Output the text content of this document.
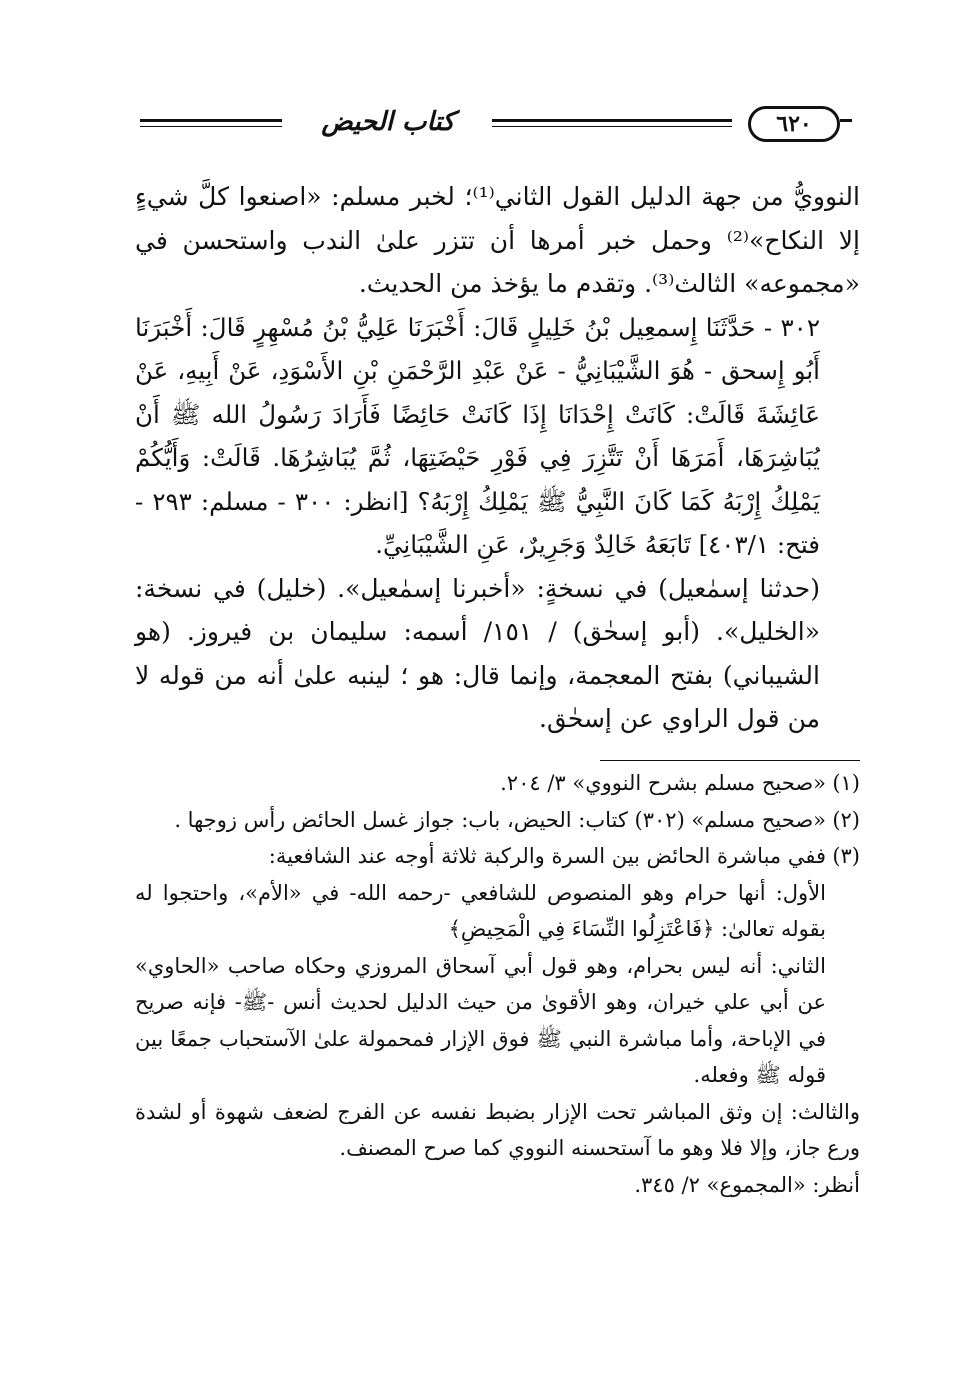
كتاب الحيض	٦٢٠

النوويُّ من جهة الدليل القول الثاني⁽¹⁾؛ لخبر مسلم: «اصنعوا كلَّ شيءٍ إلا النكاح»⁽²⁾ وحمل خبر أمرها أن تتزر علىٰ الندب واستحسن في «مجموعه» الثالث⁽³⁾. وتقدم ما يؤخذ من الحديث.

٣٠٢ - حَدَّثَنَا إِسمعِيل بْنُ خَلِيلٍ قَالَ: أَخْبَرَنَا عَلِيُّ بْنُ مُسْهِرٍ قَالَ: أَخْبَرَنَا أَبُو إِسحق - هُوَ الشَّيْبَانِيُّ - عَنْ عَبْدِ الرَّحْمَنِ بْنِ الأَسْوَدِ، عَنْ أَبِيهِ، عَنْ عَائِشَةَ قَالَتْ: كَانَتْ إِحْدَانَا إِذَا كَانَتْ حَائِضًا فَأَرَادَ رَسُولُ الله ﷺ أَنْ يُبَاشِرَهَا، أَمَرَهَا أَنْ تَتَّزِرَ فِي فَوْرِ حَيْضَتِهَا، ثُمَّ يُبَاشِرُهَا. قَالَتْ: وَأَيُّكُمْ يَمْلِكُ إِرْبَهُ كَمَا كَانَ النَّبِيُّ ﷺ يَمْلِكُ إِرْبَهُ؟ [انظر: ٣٠٠ - مسلم: ٢٩٣ - فتح: ٤٠٣/١] تَابَعَهُ خَالِدٌ وَجَرِيرٌ، عَنِ الشَّيْبَانِيِّ.

(حدثنا إسمٰعيل) في نسخةٍ: «أخبرنا إسمٰعيل». (خليل) في نسخة: «الخليل». (أبو إسحٰق) / ١٥١/ أسمه: سليمان بن فيروز. (هو الشيباني) بفتح المعجمة، وإنما قال: هو ؛ لينبه علىٰ أنه من قوله لا من قول الراوي عن إسحٰق.

(١)«صحيح مسلم بشرح النووي» ٣/ ٢٠٤.

(٢)«صحيح مسلم» (٣٠٢) كتاب: الحيض، باب: جواز غسل الحائض رأس زوجها .

(٣)ففي مباشرة الحائض بين السرة والركبة ثلاثة أوجه عند الشافعية:

الأول: أنها حرام وهو المنصوص للشافعي -رحمه الله- في «الأم»، واحتجوا له بقوله تعالىٰ: ﴿فَاعْتَزِلُوا النِّسَاءَ فِي الْمَحِيضِ﴾

الثاني: أنه ليس بحرام، وهو قول أبي آسحاق المروزي وحكاه صاحب «الحاوي» عن أبي علي خيران، وهو الأقوىٰ من حيث الدليل لحديث أنس -ﷺ- فإنه صريح في الإباحة، وأما مباشرة النبي ﷺ فوق الإزار فمحمولة علىٰ الآستحباب جمعًا بين قوله ﷺ وفعله.

والثالث: إن وثق المباشر تحت الإزار بضبط نفسه عن الفرج لضعف شهوة أو لشدة ورع جاز، وإلا فلا وهو ما آستحسنه النووي كما صرح المصنف.

أنظر: «المجموع» ٢/ ٣٤٥.
